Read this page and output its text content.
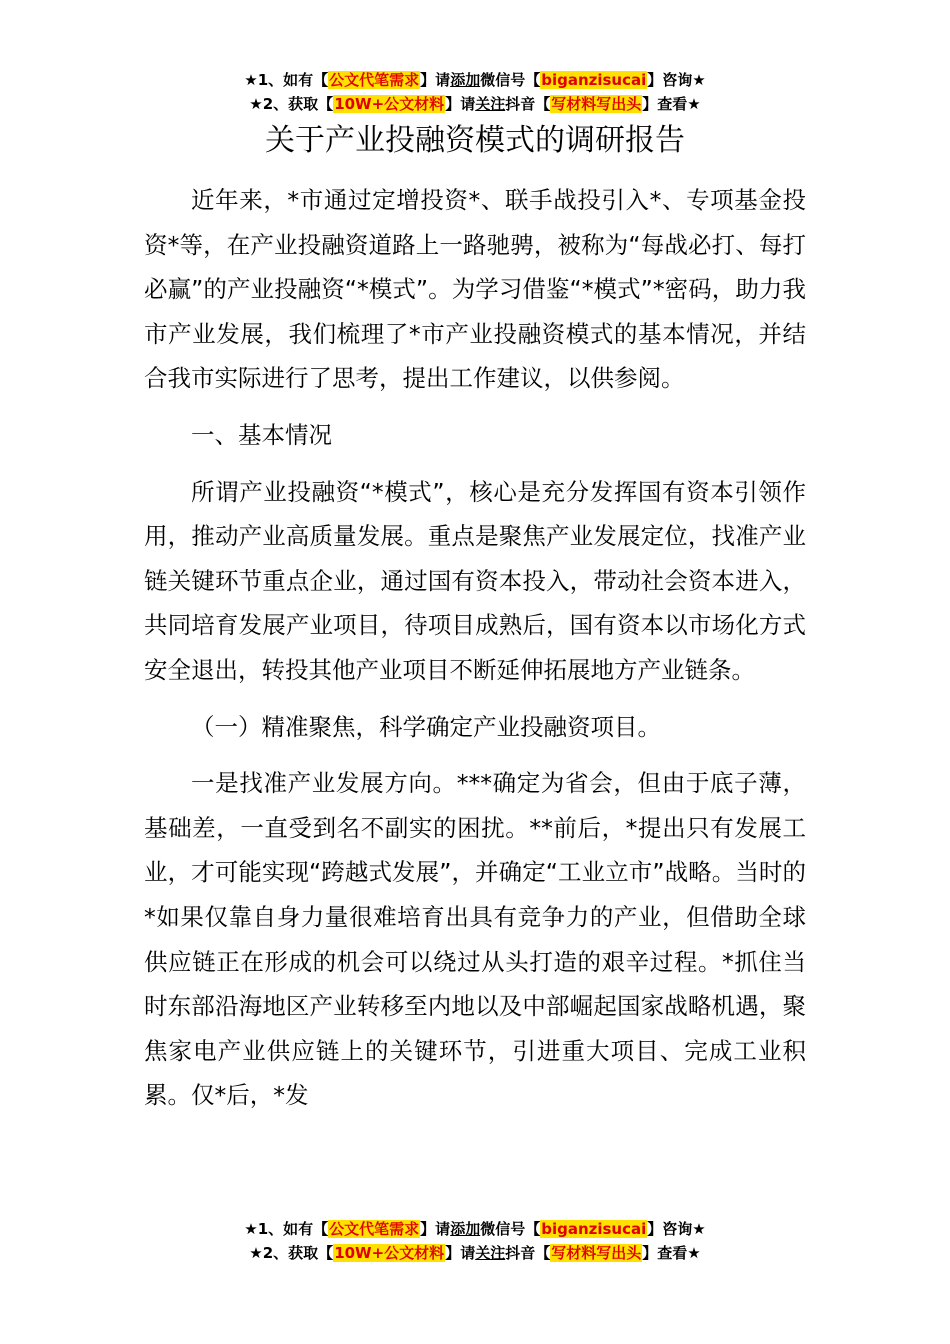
★1、如有【公文代笔需求】请添加微信号【biganzisucai】咨询★
★2、获取【10W+公文材料】请关注抖音【写材料写出头】查看★
关于产业投融资模式的调研报告

近年来，*市通过定增投资*、联手战投引入*、专项基金投资*等，在产业投融资道路上一路驰骋，被称为“每战必打、每打必赢”的产业投融资“*模式”。为学习借鉴“*模式”*密码，助力我市产业发展，我们梳理了*市产业投融资模式的基本情况，并结合我市实际进行了思考，提出工作建议，以供参阅。

一、基本情况

所谓产业投融资“*模式”，核心是充分发挥国有资本引领作用，推动产业高质量发展。重点是聚焦产业发展定位，找准产业链关键环节重点企业，通过国有资本投入，带动社会资本进入，共同培育发展产业项目，待项目成熟后，国有资本以市场化方式安全退出，转投其他产业项目不断延伸拓展地方产业链条。

（一）精准聚焦，科学确定产业投融资项目。

一是找准产业发展方向。***确定为省会，但由于底子薄，基础差，一直受到名不副实的困扰。**前后，*提出只有发展工业，才可能实现“跨越式发展”，并确定“工业立市”战略。当时的*如果仅靠自身力量很难培育出具有竞争力的产业，但借助全球供应链正在形成的机会可以绕过从头打造的艰辛过程。*抓住当时东部沿海地区产业转移至内地以及中部崛起国家战略机遇，聚焦家电产业供应链上的关键环节，引进重大项目、完成工业积累。仅*后，*发

★1、如有【公文代笔需求】请添加微信号【biganzisucai】咨询★
★2、获取【10W+公文材料】请关注抖音【写材料写出头】查看★
